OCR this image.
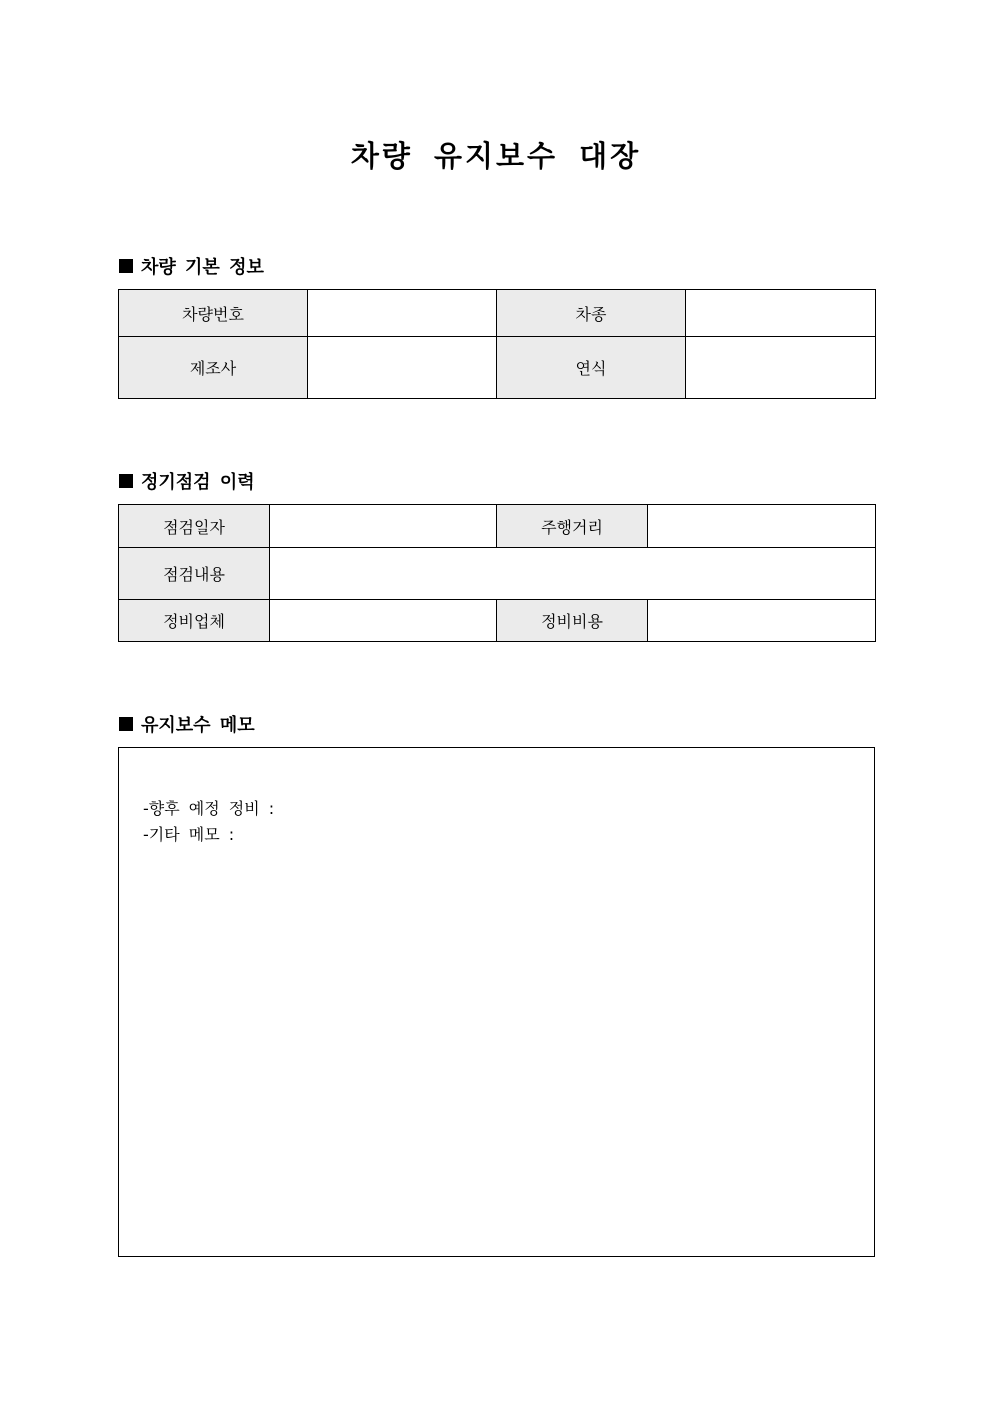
차량 유지보수 대장
차량 기본 정보
차량번호		차종	
제조사		연식	
정기점검 이력
점검일자		주행거리	
점검내용			
정비업체		정비비용	
유지보수 메모
-향후 예정 정비 :
-기타 메모 :
